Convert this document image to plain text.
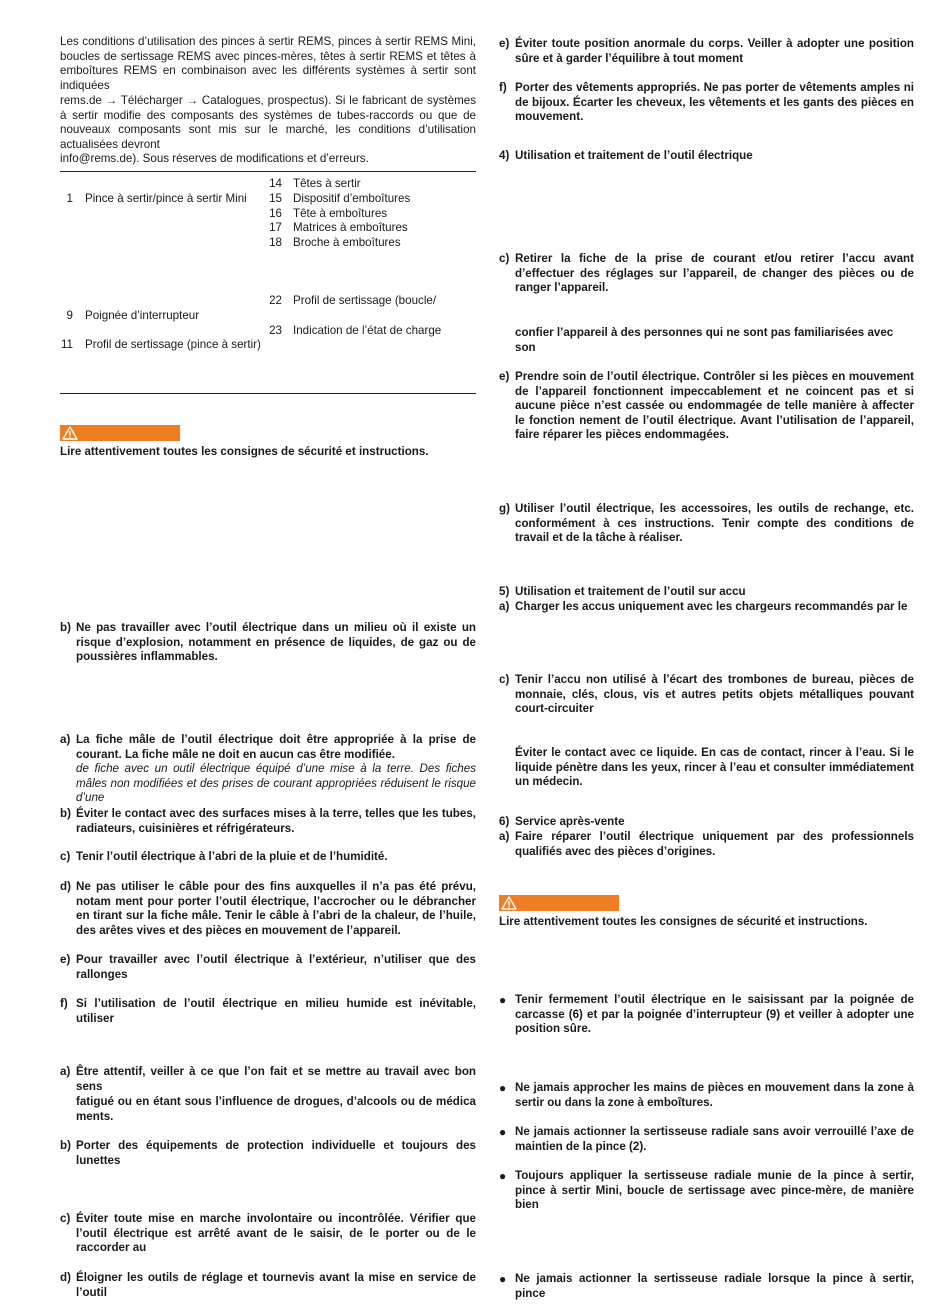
Les conditions d’utilisation des pinces à sertir REMS, pinces à sertir REMS Mini, boucles de sertissage REMS avec pinces-mères, têtes à sertir REMS et têtes à emboîtures REMS en combinaison avec les différents systèmes à sertir sont indiquées
rems.de → Télécharger → Catalogues, prospectus). Si le fabricant de systèmes à sertir modifie des composants des systèmes de tubes-raccords ou que de nouveaux composants sont mis sur le marché, les conditions d’utilisation actualisées devront
info@rems.de). Sous réserves de modifications et d’erreurs.
14 Têtes à sertir
1 Pince à sertir/pince à sertir Mini	15 Dispositif d’emboîtures
16 Tête à emboîtures
17 Matrices à emboîtures
18 Broche à emboîtures
22 Profil de sertissage (boucle/
9 Poignée d’interrupteur
23 Indication de l’état de charge
11 Profil de sertissage (pince à sertir)
Lire attentivement toutes les consignes de sécurité et instructions.
b) Ne pas travailler avec l’outil électrique dans un milieu où il existe un risque d’explosion, notamment en présence de liquides, de gaz ou de poussières inflammables.
a) La fiche mâle de l’outil électrique doit être appropriée à la prise de courant. La fiche mâle ne doit en aucun cas être modifiée.
de fiche avec un outil électrique équipé d’une mise à la terre. Des fiches mâles non modifiées et des prises de courant appropriées réduisent le risque d’une
b) Éviter le contact avec des surfaces mises à la terre, telles que les tubes, radiateurs, cuisinières et réfrigérateurs.
c) Tenir l’outil électrique à l’abri de la pluie et de l’humidité.
d) Ne pas utiliser le câble pour des fins auxquelles il n’a pas été prévu, notam ment pour porter l’outil électrique, l’accrocher ou le débrancher en tirant sur la fiche mâle. Tenir le câble à l’abri de la chaleur, de l’huile, des arêtes vives et des pièces en mouvement de l’appareil.
e) Pour travailler avec l’outil électrique à l’extérieur, n’utiliser que des rallonges
f) Si l’utilisation de l’outil électrique en milieu humide est inévitable, utiliser
a) Être attentif, veiller à ce que l’on fait et se mettre au travail avec bon sens
fatigué ou en étant sous l’influence de drogues, d’alcools ou de médica ments.
b) Porter des équipements de protection individuelle et toujours des lunettes
c) Éviter toute mise en marche involontaire ou incontrôlée. Vérifier que l’outil électrique est arrêté avant de le saisir, de le porter ou de le raccorder au
d) Éloigner les outils de réglage et tournevis avant la mise en service de l’outil
e) Éviter toute position anormale du corps. Veiller à adopter une position sûre et à garder l’équilibre à tout moment
f) Porter des vêtements appropriés. Ne pas porter de vêtements amples ni de bijoux. Écarter les cheveux, les vêtements et les gants des pièces en mouvement.
4) Utilisation et traitement de l’outil électrique
c) Retirer la fiche de la prise de courant et/ou retirer l’accu avant d’effectuer des réglages sur l’appareil, de changer des pièces ou de ranger l’appareil.
confier l’appareil à des personnes qui ne sont pas familiarisées avec son
e) Prendre soin de l’outil électrique. Contrôler si les pièces en mouvement de l’appareil fonctionnent impeccablement et ne coincent pas et si aucune pièce n’est cassée ou endommagée de telle manière à affecter le fonction nement de l’outil électrique. Avant l’utilisation de l’appareil, faire réparer les pièces endommagées.
g) Utiliser l’outil électrique, les accessoires, les outils de rechange, etc. conformément à ces instructions. Tenir compte des conditions de travail et de la tâche à réaliser.
5) Utilisation et traitement de l’outil sur accu
a) Charger les accus uniquement avec les chargeurs recommandés par le
c) Tenir l’accu non utilisé à l’écart des trombones de bureau, pièces de monnaie, clés, clous, vis et autres petits objets métalliques pouvant court-circuiter
Éviter le contact avec ce liquide. En cas de contact, rincer à l’eau. Si le liquide pénètre dans les yeux, rincer à l’eau et consulter immédiatement un médecin.
6) Service après-vente
a) Faire réparer l’outil électrique uniquement par des professionnels qualifiés avec des pièces d’origines.
Lire attentivement toutes les consignes de sécurité et instructions.
● Tenir fermement l’outil électrique en le saisissant par la poignée de carcasse (6) et par la poignée d’interrupteur (9) et veiller à adopter une position sûre.
● Ne jamais approcher les mains de pièces en mouvement dans la zone à sertir ou dans la zone à emboîtures.
● Ne jamais actionner la sertisseuse radiale sans avoir verrouillé l’axe de maintien de la pince (2).
● Toujours appliquer la sertisseuse radiale munie de la pince à sertir, pince à sertir Mini, boucle de sertissage avec pince-mère, de manière bien
● Ne jamais actionner la sertisseuse radiale lorsque la pince à sertir, pince
